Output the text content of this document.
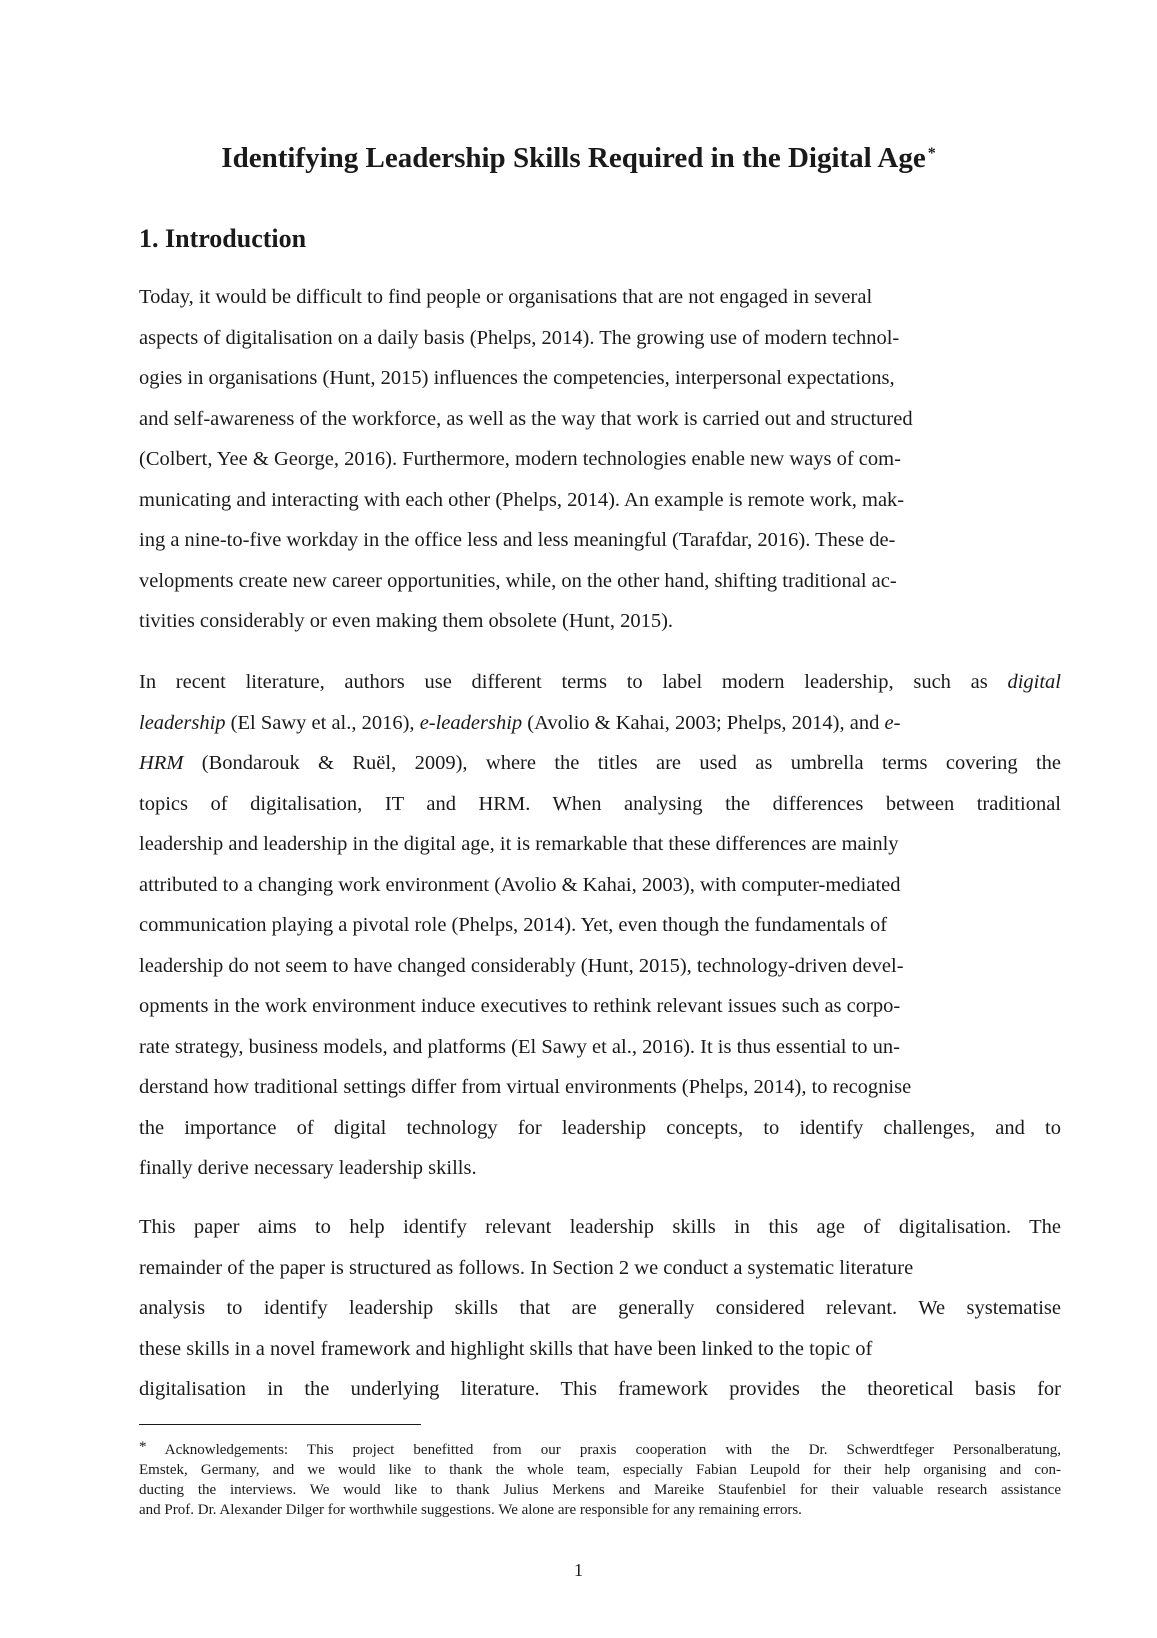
Identifying Leadership Skills Required in the Digital Age *
1. Introduction
Today, it would be difficult to find people or organisations that are not engaged in several
aspects of digitalisation on a daily basis (Phelps, 2014). The growing use of modern technol-
ogies in organisations (Hunt, 2015) influences the competencies, interpersonal expectations,
and self-awareness of the workforce, as well as the way that work is carried out and structured
(Colbert, Yee & George, 2016). Furthermore, modern technologies enable new ways of com-
municating and interacting with each other (Phelps, 2014). An example is remote work, mak-
ing a nine-to-five workday in the office less and less meaningful (Tarafdar, 2016). These de-
velopments create new career opportunities, while, on the other hand, shifting traditional ac-
tivities considerably or even making them obsolete (Hunt, 2015).
In recent literature, authors use different terms to label modern leadership, such as digital
leadership (El Sawy et al., 2016), e-leadership (Avolio & Kahai, 2003; Phelps, 2014), and e-
HRM (Bondarouk & Ruël, 2009), where the titles are used as umbrella terms covering the
topics of digitalisation, IT and HRM. When analysing the differences between traditional
leadership and leadership in the digital age, it is remarkable that these differences are mainly
attributed to a changing work environment (Avolio & Kahai, 2003), with computer-mediated
communication playing a pivotal role (Phelps, 2014). Yet, even though the fundamentals of
leadership do not seem to have changed considerably (Hunt, 2015), technology-driven devel-
opments in the work environment induce executives to rethink relevant issues such as corpo-
rate strategy, business models, and platforms (El Sawy et al., 2016). It is thus essential to un-
derstand how traditional settings differ from virtual environments (Phelps, 2014), to recognise
the importance of digital technology for leadership concepts, to identify challenges, and to
finally derive necessary leadership skills.
This paper aims to help identify relevant leadership skills in this age of digitalisation. The
remainder of the paper is structured as follows. In Section 2 we conduct a systematic literature
analysis to identify leadership skills that are generally considered relevant. We systematise
these skills in a novel framework and highlight skills that have been linked to the topic of
digitalisation in the underlying literature. This framework provides the theoretical basis for
* Acknowledgements: This project benefitted from our praxis cooperation with the Dr. Schwerdtfeger Personalberatung,
Emstek, Germany, and we would like to thank the whole team, especially Fabian Leupold for their help organising and con-
ducting the interviews. We would like to thank Julius Merkens and Mareike Staufenbiel for their valuable research assistance
and Prof. Dr. Alexander Dilger for worthwhile suggestions. We alone are responsible for any remaining errors.
1
